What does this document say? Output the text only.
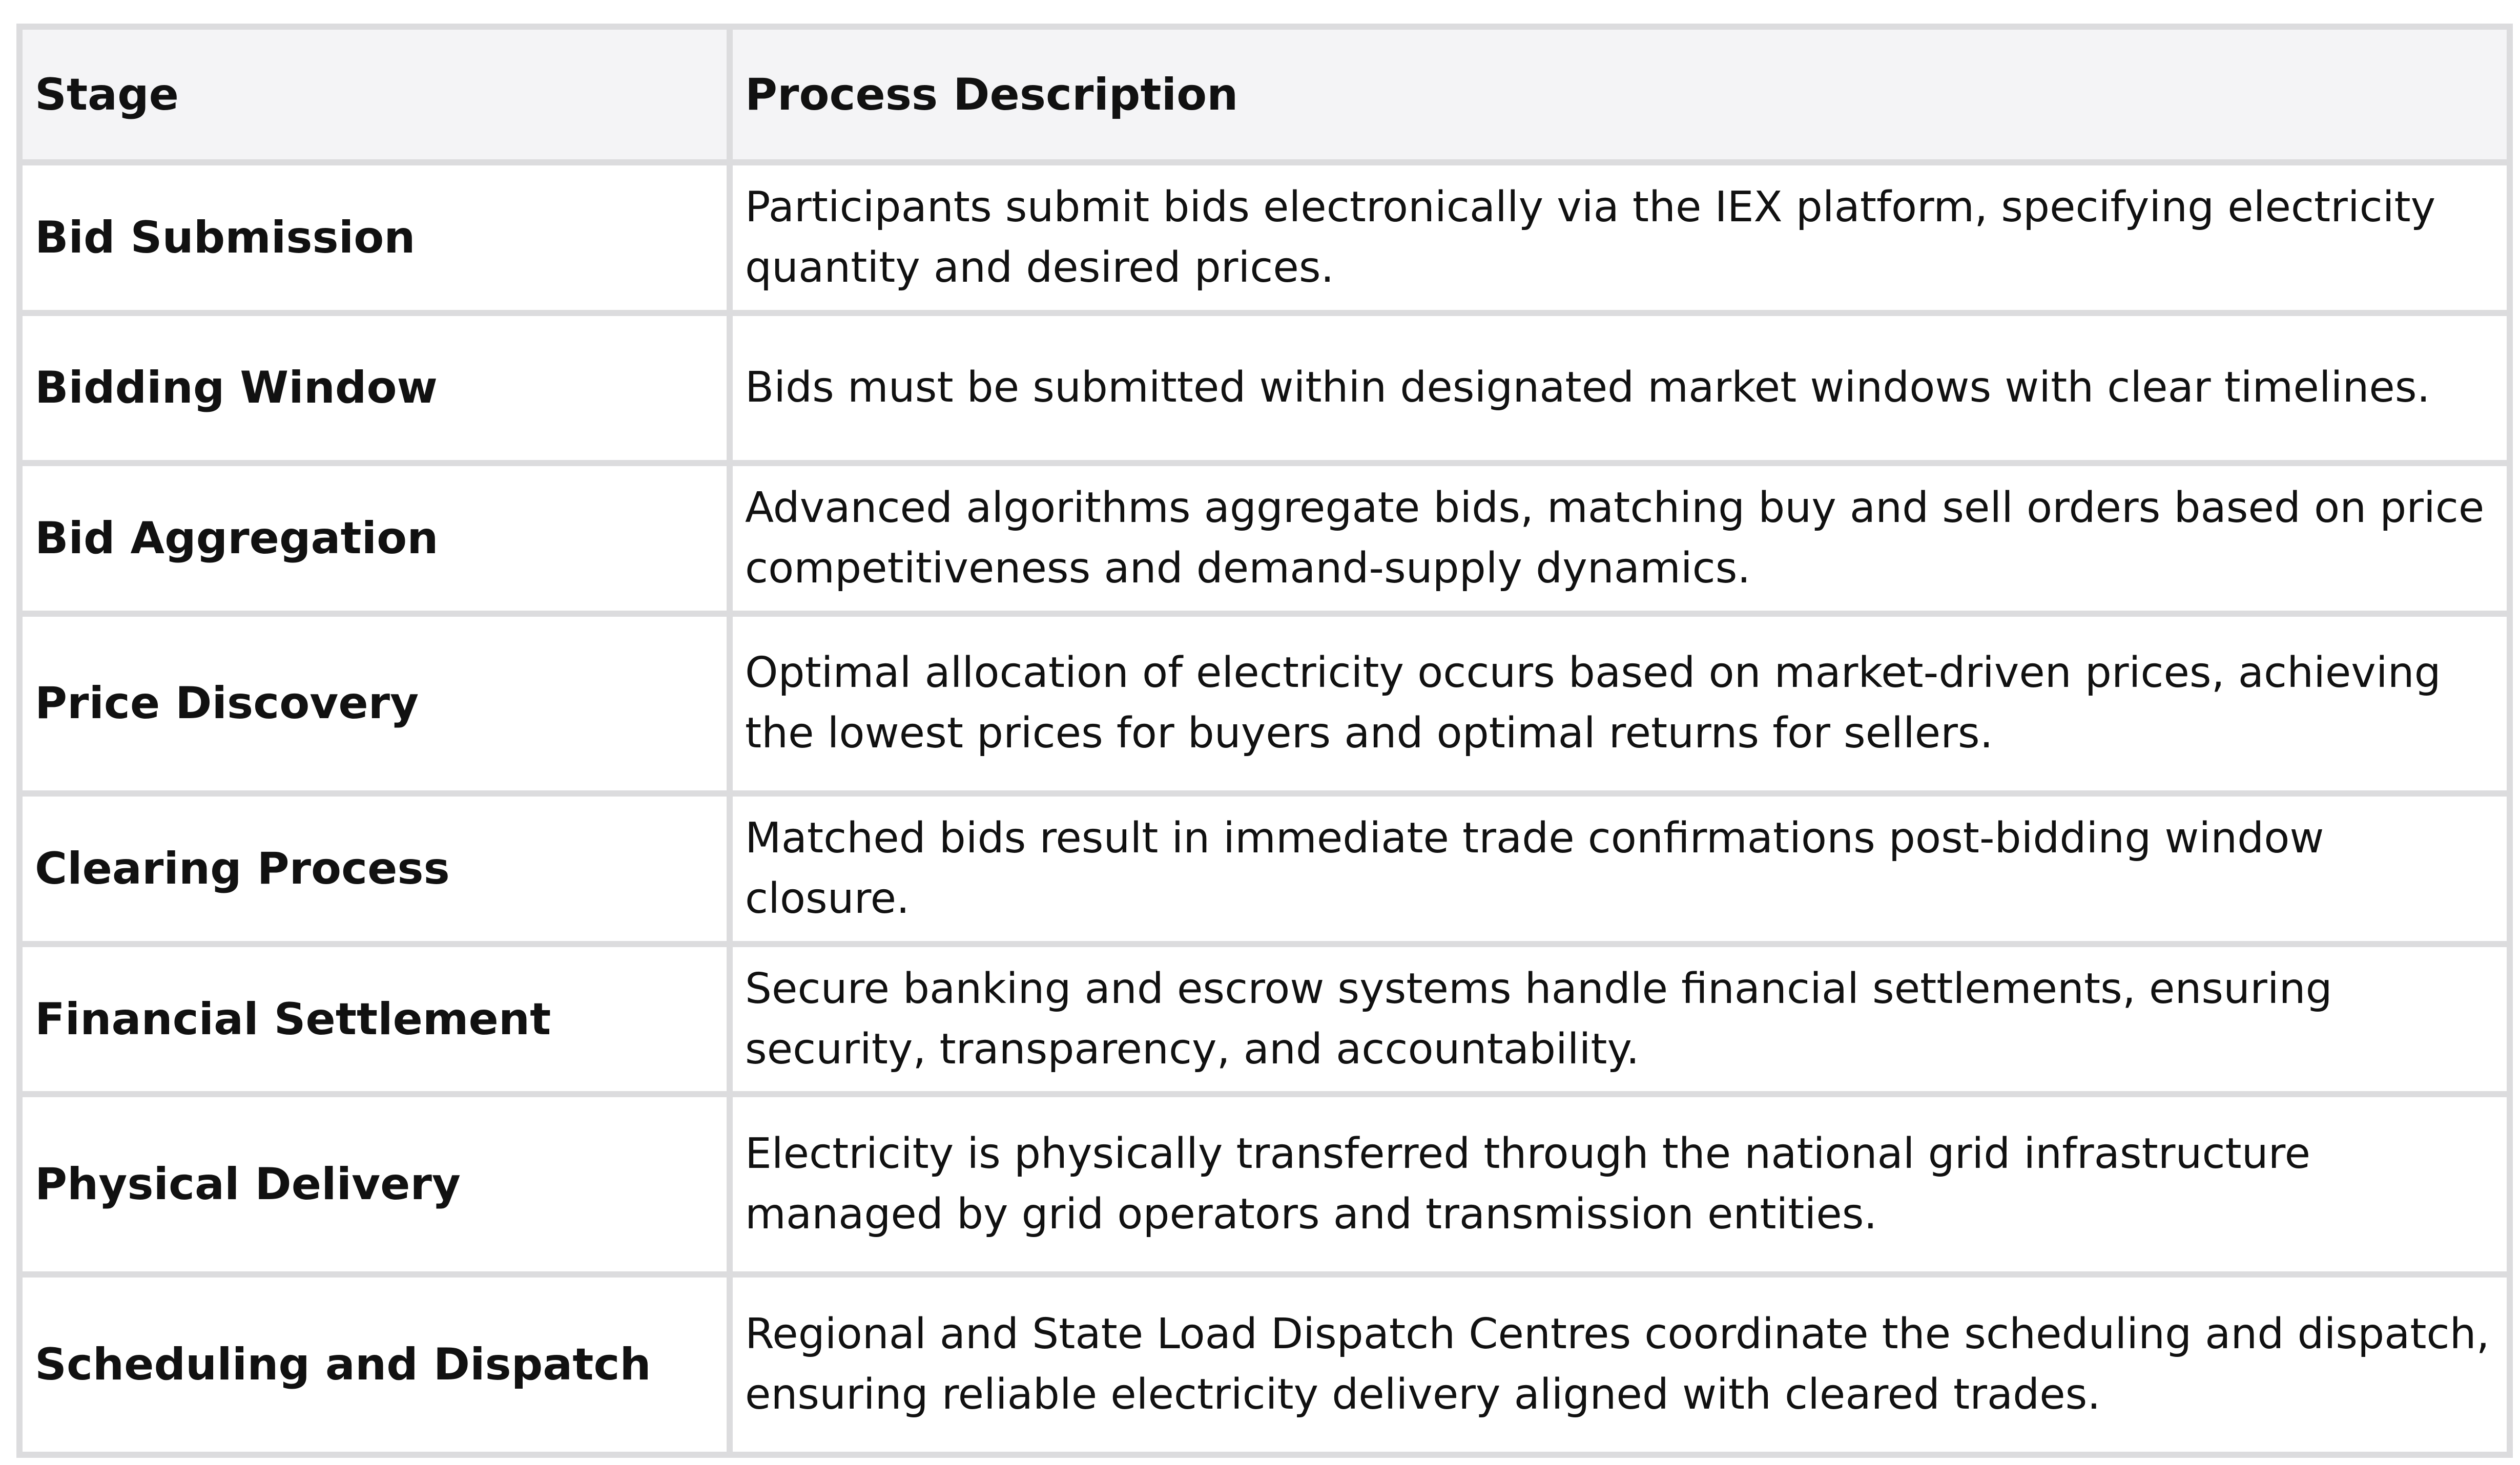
Stage	Process Description
Bid Submission	Participants submit bids electronically via the IEX platform, specifying electricity quantity and desired prices.
Bidding Window	Bids must be submitted within designated market windows with clear timelines.
Bid Aggregation	Advanced algorithms aggregate bids, matching buy and sell orders based on price competitiveness and demand-supply dynamics.
Price Discovery	Optimal allocation of electricity occurs based on market-driven prices, achieving the lowest prices for buyers and optimal returns for sellers.
Clearing Process	Matched bids result in immediate trade confirmations post-bidding window closure.
Financial Settlement	Secure banking and escrow systems handle financial settlements, ensuring security, transparency, and accountability.
Physical Delivery	Electricity is physically transferred through the national grid infrastructure managed by grid operators and transmission entities.
Scheduling and Dispatch	Regional and State Load Dispatch Centres coordinate the scheduling and dispatch, ensuring reliable electricity delivery aligned with cleared trades.
